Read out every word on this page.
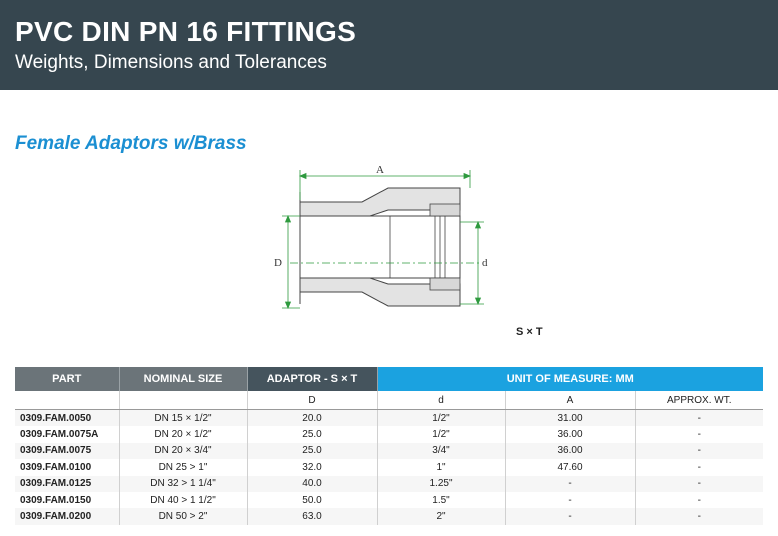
PVC DIN PN 16 FITTINGS
Weights, Dimensions and Tolerances
Female Adaptors w/Brass
A
D	d
S × T
PART	NOMINAL SIZE	ADAPTOR - S × T	UNIT OF MEASURE: MM		
		D	d	A	APPROX. WT.
0309.FAM.0050	DN 15 × 1/2"	20.0	1/2"	31.00	-
0309.FAM.0075A	DN 20 × 1/2"	25.0	1/2"	36.00	-
0309.FAM.0075	DN 20 × 3/4"	25.0	3/4"	36.00	-
0309.FAM.0100	DN 25 > 1"	32.0	1"	47.60	-
0309.FAM.0125	DN 32 > 1 1/4"	40.0	1.25"	-	-
0309.FAM.0150	DN 40 > 1 1/2"	50.0	1.5"	-	-
0309.FAM.0200	DN 50 > 2"	63.0	2"	-	-
